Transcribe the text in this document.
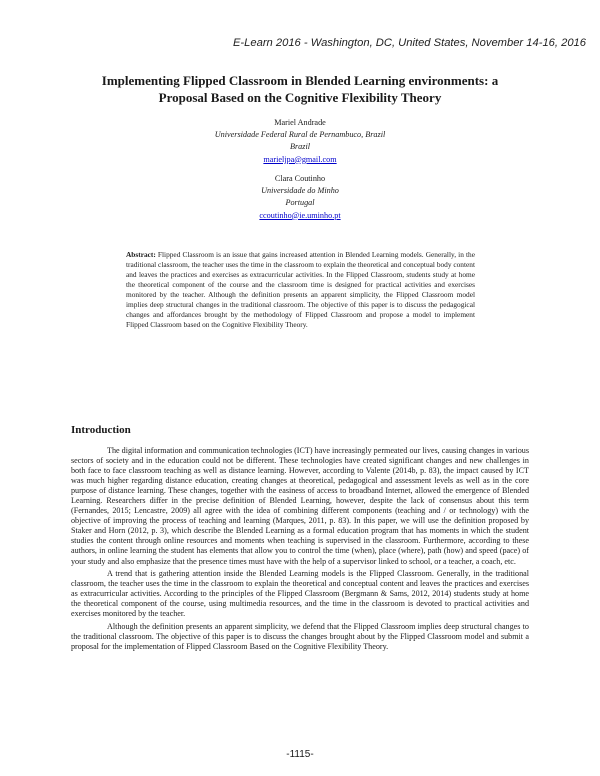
E-Learn 2016 - Washington, DC, United States, November 14-16, 2016
Implementing Flipped Classroom in Blended Learning environments: a Proposal Based on the Cognitive Flexibility Theory

Mariel Andrade

Universidade Federal Rural de Pernambuco, Brazil

Brazil

marieljpa@gmail.com

Clara Coutinho

Universidade do Minho

Portugal

ccoutinho@ie.uminho.pt

Abstract: Flipped Classroom is an issue that gains increased attention in Blended Learning models. Generally, in the traditional classroom, the teacher uses the time in the classroom to explain the theoretical and conceptual body content and leaves the practices and exercises as extracurricular activities. In the Flipped Classroom, students study at home the theoretical component of the course and the classroom time is designed for practical activities and exercises monitored by the teacher. Although the definition presents an apparent simplicity, the Flipped Classroom model implies deep structural changes in the traditional classroom. The objective of this paper is to discuss the pedagogical changes and affordances brought by the methodology of Flipped Classroom and propose a model to implement Flipped Classroom based on the Cognitive Flexibility Theory.

Introduction

The digital information and communication technologies (ICT) have increasingly permeated our lives, causing changes in various sectors of society and in the education could not be different. These technologies have created significant changes and new challenges in both face to face classroom teaching as well as distance learning. However, according to Valente (2014b, p. 83), the impact caused by ICT was much higher regarding distance education, creating changes at theoretical, pedagogical and assessment levels as well as in the core purpose of distance learning. These changes, together with the easiness of access to broadband Internet, allowed the emergence of Blended Learning. Researchers differ in the precise definition of Blended Learning, however, despite the lack of consensus about this term (Fernandes, 2015; Lencastre, 2009) all agree with the idea of combining different components (teaching and / or technology) with the objective of improving the process of teaching and learning (Marques, 2011, p. 83). In this paper, we will use the definition proposed by Staker and Horn (2012, p. 3), which describe the Blended Learning as a formal education program that has moments in which the student studies the content through online resources and moments when teaching is supervised in the classroom. Furthermore, according to these authors, in online learning the student has elements that allow you to control the time (when), place (where), path (how) and speed (pace) of your study and also emphasize that the presence times must have with the help of a supervisor linked to school, or a teacher, a coach, etc.

A trend that is gathering attention inside the Blended Learning models is the Flipped Classroom. Generally, in the traditional classroom, the teacher uses the time in the classroom to explain the theoretical and conceptual content and leaves the practices and exercises as extracurricular activities. According to the principles of the Flipped Classroom (Bergmann & Sams, 2012, 2014) students study at home the theoretical component of the course, using multimedia resources, and the time in the classroom is devoted to practical activities and exercises monitored by the teacher.

Although the definition presents an apparent simplicity, we defend that the Flipped Classroom implies deep structural changes to the traditional classroom. The objective of this paper is to discuss the changes brought about by the Flipped Classroom model and submit a proposal for the implementation of Flipped Classroom Based on the Cognitive Flexibility Theory.

-1115-
